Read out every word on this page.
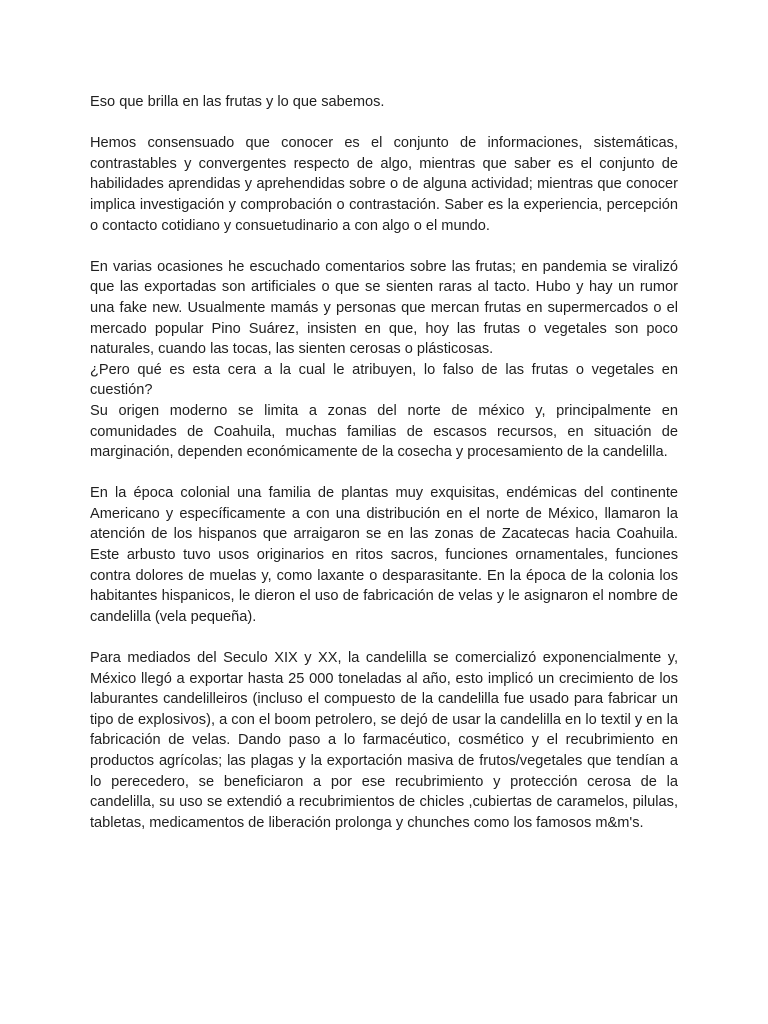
Eso que brilla en las frutas y lo que sabemos.

Hemos consensuado que conocer es el conjunto de informaciones, sistemáticas, contrastables y convergentes respecto de algo, mientras que saber es el conjunto de habilidades aprendidas y aprehendidas sobre o de alguna actividad; mientras que conocer implica investigación y comprobación o contrastación. Saber es la experiencia, percepción o contacto cotidiano y consuetudinario a con algo o el mundo.

En varias ocasiones he escuchado comentarios sobre las frutas; en pandemia se viralizó que las exportadas son artificiales o que se sienten raras al tacto. Hubo y hay un rumor una fake new. Usualmente mamás y personas que mercan frutas en supermercados o el mercado popular Pino Suárez, insisten en que, hoy las frutas o vegetales son poco naturales, cuando las tocas, las sienten cerosas o plásticosas.

¿Pero qué es esta cera a la cual le atribuyen, lo falso de las frutas o vegetales en cuestión?

Su origen moderno se limita a zonas del norte de méxico y, principalmente en comunidades de Coahuila, muchas familias de escasos recursos, en situación de marginación, dependen económicamente de la cosecha y procesamiento de la candelilla.

En la época colonial una familia de plantas muy exquisitas, endémicas del continente Americano y específicamente a con una distribución en el norte de México, llamaron la atención de los hispanos que arraigaron se en las zonas de Zacatecas hacia Coahuila. Este arbusto tuvo usos originarios en ritos sacros, funciones ornamentales, funciones contra dolores de muelas y, como laxante o desparasitante. En la época de la colonia los habitantes hispanicos, le dieron el uso de fabricación de velas y le asignaron el nombre de candelilla (vela pequeña).

Para mediados del Seculo XIX y XX, la candelilla se comercializó exponencialmente y, México llegó a exportar hasta 25 000 toneladas al año, esto implicó un crecimiento de los laburantes candelilleiros (incluso el compuesto de la candelilla fue usado para fabricar un tipo de explosivos), a con el boom petrolero, se dejó de usar la candelilla en lo textil y en la fabricación de velas. Dando paso a lo farmacéutico, cosmético y el recubrimiento en productos agrícolas; las plagas y la exportación masiva de frutos/vegetales que tendían a lo perecedero, se beneficiaron a por ese recubrimiento y protección cerosa de la candelilla, su uso se extendió a recubrimientos de chicles ,cubiertas de caramelos, pilulas, tabletas, medicamentos de liberación prolonga y chunches como los famosos m&m's.
